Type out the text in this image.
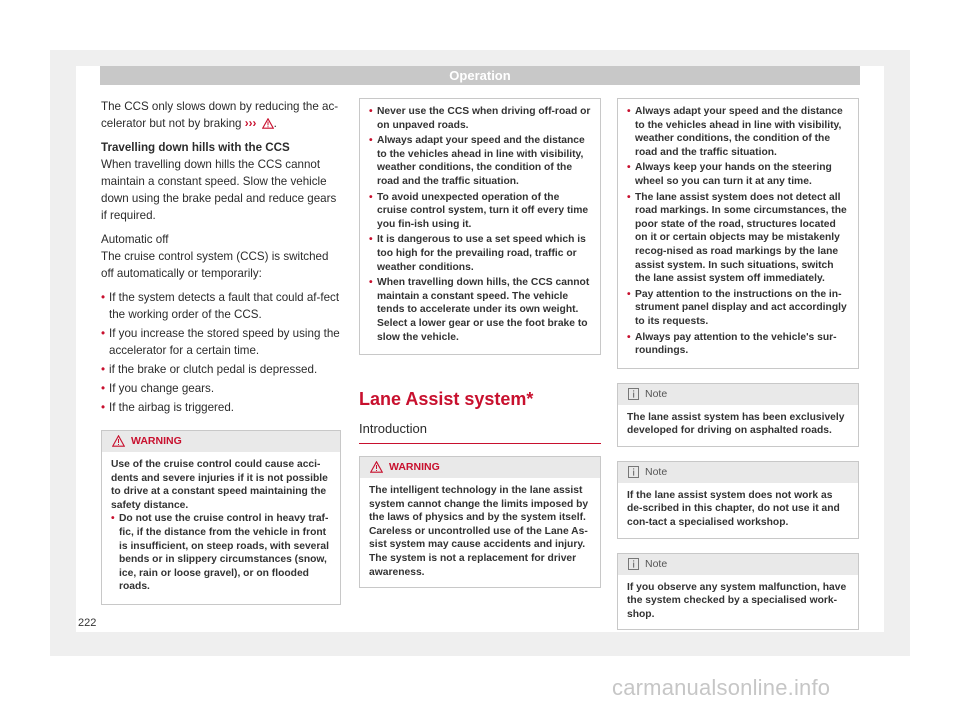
Operation

The CCS only slows down by reducing the ac-celerator but not by braking ››› .

Travelling down hills with the CCS

When travelling down hills the CCS cannot maintain a constant speed. Slow the vehicle down using the brake pedal and reduce gears if required.

Automatic off

The cruise control system (CCS) is switched off automatically or temporarily:

• If the system detects a fault that could af-fect the working order of the CCS.
• If you increase the stored speed by using the accelerator for a certain time.
• if the brake or clutch pedal is depressed.
• If you change gears.
• If the airbag is triggered.
WARNING

Use of the cruise control could cause acci-dents and severe injuries if it is not possible to drive at a constant speed maintaining the safety distance.

• Do not use the cruise control in heavy traf-fic, if the distance from the vehicle in front is insufficient, on steep roads, with several bends or in slippery circumstances (snow, ice, rain or loose gravel), or on flooded roads.
• Never use the CCS when driving off-road or on unpaved roads.
• Always adapt your speed and the distance to the vehicles ahead in line with visibility, weather conditions, the condition of the road and the traffic situation.
• To avoid unexpected operation of the cruise control system, turn it off every time you fin-ish using it.
• It is dangerous to use a set speed which is too high for the prevailing road, traffic or weather conditions.
• When travelling down hills, the CCS cannot maintain a constant speed. The vehicle tends to accelerate under its own weight. Select a lower gear or use the foot brake to slow the vehicle.

Lane Assist system*

Introduction

WARNING

The intelligent technology in the lane assist system cannot change the limits imposed by the laws of physics and by the system itself. Careless or uncontrolled use of the Lane As-sist system may cause accidents and injury. The system is not a replacement for driver awareness.

• Always adapt your speed and the distance to the vehicles ahead in line with visibility, weather conditions, the condition of the road and the traffic situation.
• Always keep your hands on the steering wheel so you can turn it at any time.
• The lane assist system does not detect all road markings. In some circumstances, the poor state of the road, structures located on it or certain objects may be mistakenly recog-nised as road markings by the lane assist system. In such situations, switch the lane assist system off immediately.
• Pay attention to the instructions on the in-strument panel display and act accordingly to its requests.
• Always pay attention to the vehicle's sur-roundings.
Note

The lane assist system has been exclusively developed for driving on asphalted roads.

Note

If the lane assist system does not work as de-scribed in this chapter, do not use it and con-tact a specialised workshop.

Note

If you observe any system malfunction, have the system checked by a specialised work-shop.

222
carmanualsonline.info
